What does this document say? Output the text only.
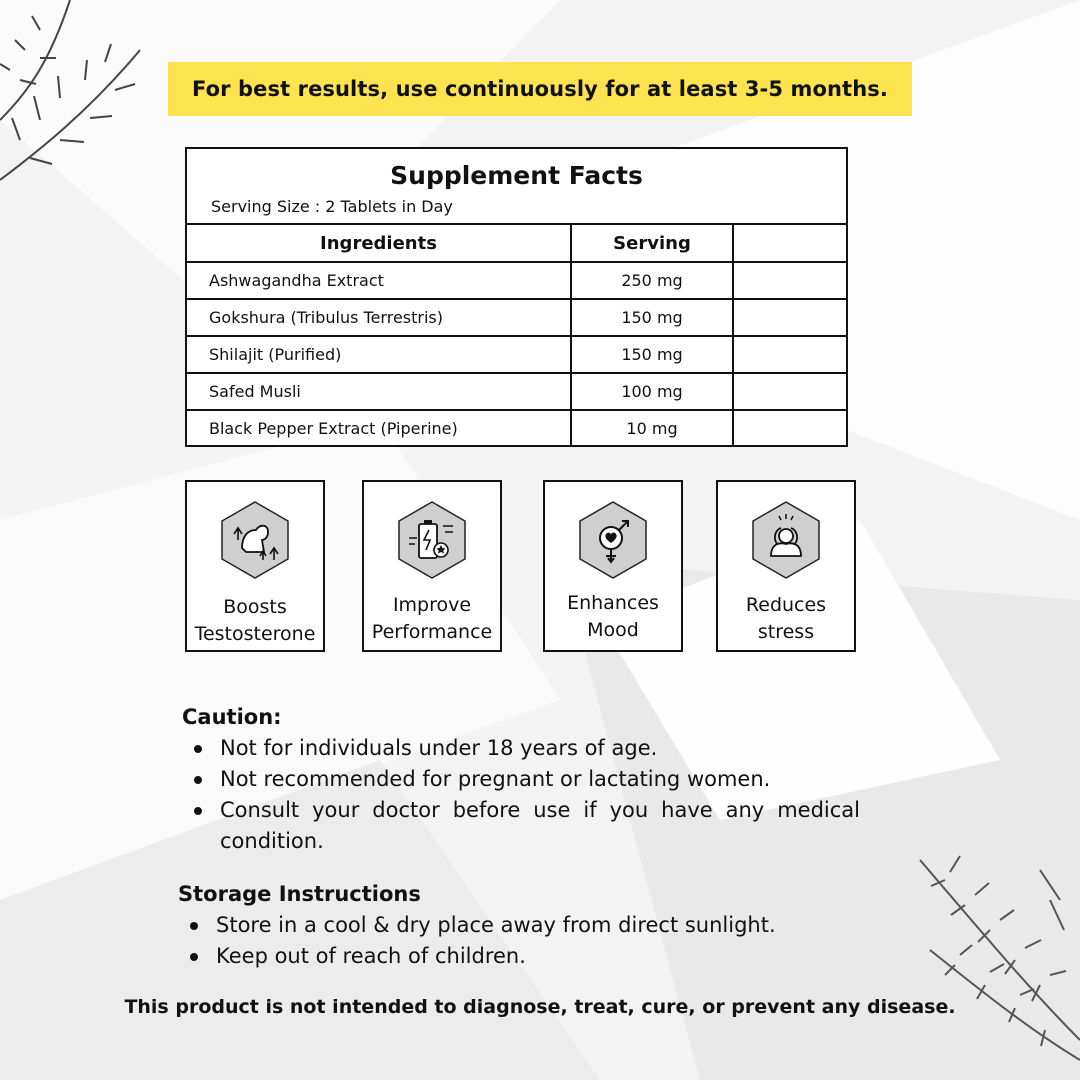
For best results, use continuously for at least 3-5 months.
Supplement Facts
Serving Size : 2 Tablets in Day
Ingredients	Serving	
Ashwagandha Extract	250 mg	
Gokshura (Tribulus Terrestris)	150 mg	
Shilajit (Purified)	150 mg	
Safed Musli	100 mg	
Black Pepper Extract (Piperine)	10 mg	
Boosts
Testosterone
Improve
Performance
Enhances
Mood
Reduces
stress
Caution:
Not for individuals under 18 years of age.
Not recommended for pregnant or lactating women.
Consult your doctor before use if you have any medical condition.
Storage Instructions
Store in a cool & dry place away from direct sunlight.
Keep out of reach of children.
This product is not intended to diagnose, treat, cure, or prevent any disease.
